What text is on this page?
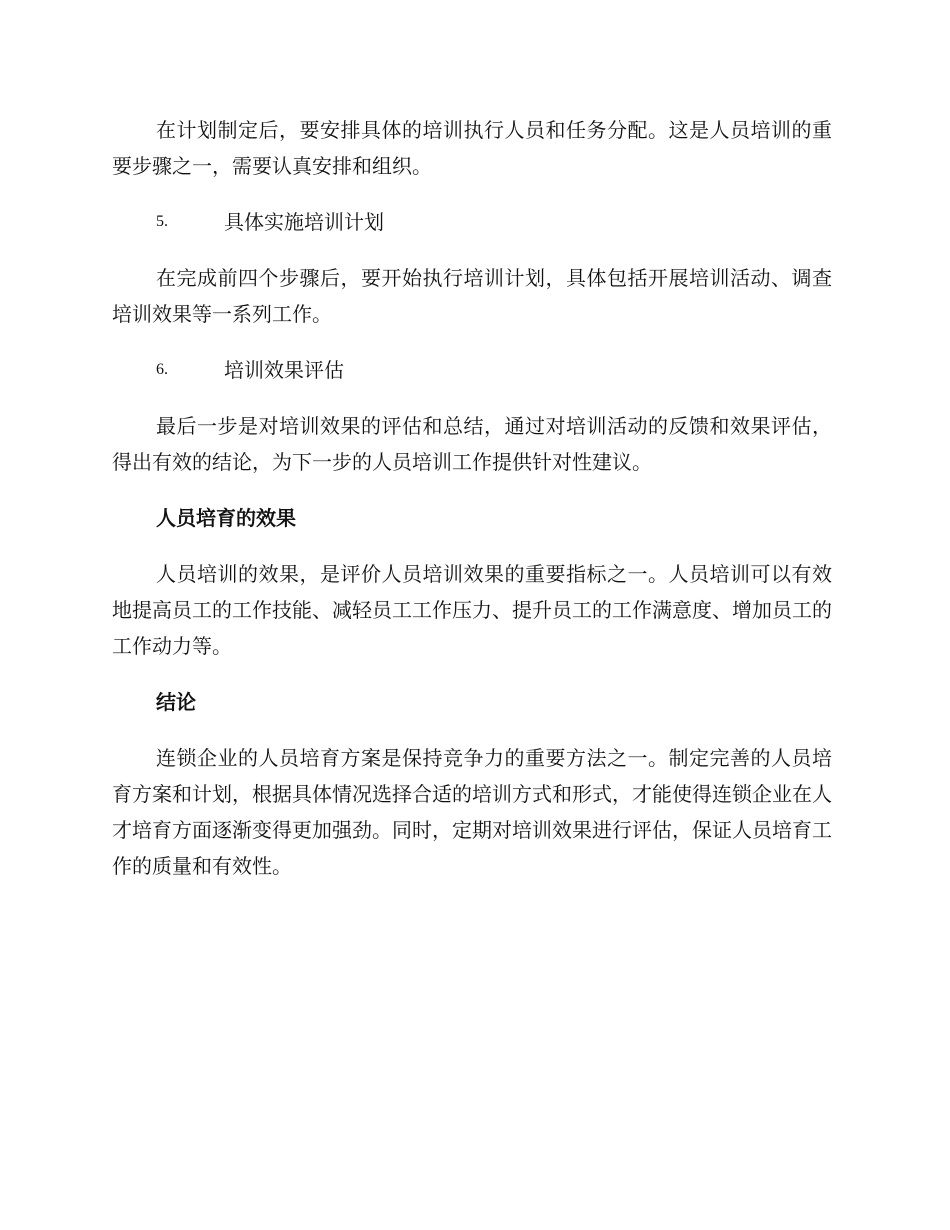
在计划制定后，要安排具体的培训执行人员和任务分配。这是人员培训的重要步骤之一，需要认真安排和组织。

5.	具体实施培训计划

在完成前四个步骤后，要开始执行培训计划，具体包括开展培训活动、调查培训效果等一系列工作。

6.	培训效果评估

最后一步是对培训效果的评估和总结，通过对培训活动的反馈和效果评估，得出有效的结论，为下一步的人员培训工作提供针对性建议。

人员培育的效果

人员培训的效果，是评价人员培训效果的重要指标之一。人员培训可以有效地提高员工的工作技能、减轻员工工作压力、提升员工的工作满意度、增加员工的工作动力等。

结论

连锁企业的人员培育方案是保持竞争力的重要方法之一。制定完善的人员培育方案和计划，根据具体情况选择合适的培训方式和形式，才能使得连锁企业在人才培育方面逐渐变得更加强劲。同时，定期对培训效果进行评估，保证人员培育工作的质量和有效性。
